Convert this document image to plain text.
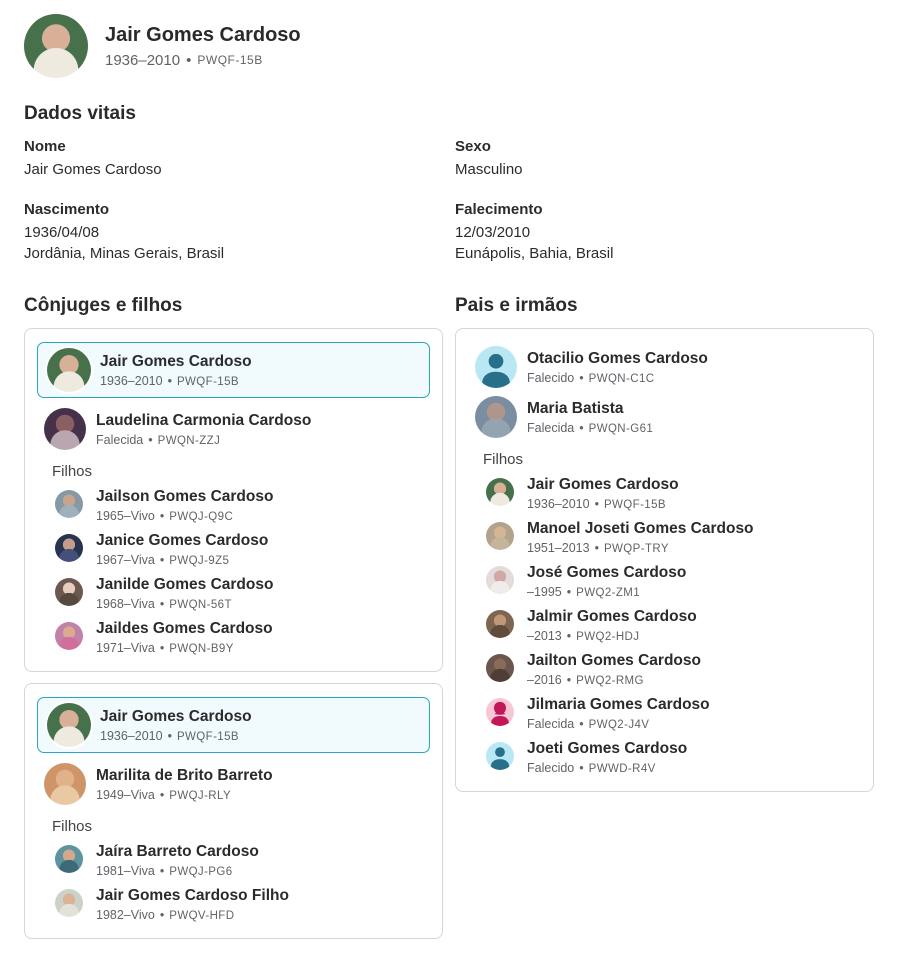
Jair Gomes Cardoso
1936–2010 • PWQF-15B
Dados vitais
Nome
Jair Gomes Cardoso
Sexo
Masculino
Nascimento
1936/04/08
Jordânia, Minas Gerais, Brasil
Falecimento
12/03/2010
Eunápolis, Bahia, Brasil
Cônjuges e filhos
Jair Gomes Cardoso
1936–2010 • PWQF-15B
Laudelina Carmonia Cardoso
Falecida • PWQN-ZZJ
Filhos
Jailson Gomes Cardoso
1965–Vivo • PWQJ-Q9C
Janice Gomes Cardoso
1967–Viva • PWQJ-9Z5
Janilde Gomes Cardoso
1968–Viva • PWQN-56T
Jaildes Gomes Cardoso
1971–Viva • PWQN-B9Y
Jair Gomes Cardoso
1936–2010 • PWQF-15B
Marilita de Brito Barreto
1949–Viva • PWQJ-RLY
Filhos
Jaíra Barreto Cardoso
1981–Viva • PWQJ-PG6
Jair Gomes Cardoso Filho
1982–Vivo • PWQV-HFD
Pais e irmãos
Otacilio Gomes Cardoso
Falecido • PWQN-C1C
Maria Batista
Falecida • PWQN-G61
Filhos
Jair Gomes Cardoso
1936–2010 • PWQF-15B
Manoel Joseti Gomes Cardoso
1951–2013 • PWQP-TRY
José Gomes Cardoso
–1995 • PWQ2-ZM1
Jalmir Gomes Cardoso
–2013 • PWQ2-HDJ
Jailton Gomes Cardoso
–2016 • PWQ2-RMG
Jilmaria Gomes Cardoso
Falecida • PWQ2-J4V
Joeti Gomes Cardoso
Falecido • PWWD-R4V
